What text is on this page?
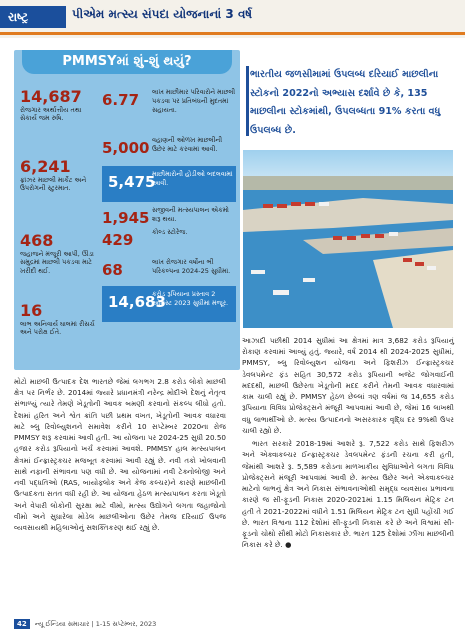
રાષ્ટ્ર	પીએમ મત્સ્ય સંપદા યોજનાનાં 3 વર્ષ
PMMSYમાં શું-શું થયું?
14,687
રોજગાર અર્થાત્તીય તથા સેકાર્ય જમ રુષિ.
6,241
ફ્રાંઝર માછલી માર્કેટ અને ઉપરોગની સ્ટુરમાત.
468
જહાજને મંજૂરી આપી, ઊંડા સમુદ્રમાં માછલી પકડવા માટે ખરીદી થઈ.
16
લાભ અનિવાર્ય ઘાલમાં રીસર્ચ અને પરોક્ષ ઈતે.
6.77 લાખ માછીમાર પરિવારોને માછલી પકડવા પર પ્રતિબંધની મુદતમાં સહાયતા.
5,000 વહાણની ઓળખ માછલીની ઉછેર માટે કરવામાં આવી.
5,475
માછીમારોની હોડીઓ બદલવામાં આવી.
1,945 સજીવની મત્સ્યપાલન એકમો શરૂ થયા.
429	કોલ્ડ સ્ટોરેજ.
68	લાખ રોજગાર વર્ષોના ભી પરિકલ્પના 2024-25 સુધીમાં.
14,683
કરોડ રૂપિયાના પ્રસ્તાવ 2 ઓગસ્ટ 2023 સુધીમાં મંજૂર.
ભારતીય જળસીમામાં ઉપલબ્ધ દરિયાઈ માછલીના સ્ટોકનો 2022નો અભ્યાસ દર્શાવે છે કે, 135 માછલીના સ્ટોકમાંથી, ઉપલબ્ધતા 91% કરતા વધુ ઉપલબ્ધ છે.

મોટો માછલી ઉત્પાદક દેશ ભારતછે જેમાં લગભગ 2.8 કરોડ લોકો માછલી ક્ષેત્ર પર નિર્ભર છે. 2014માં જ્યારે પ્રધાનમંત્રી નરેન્દ્ર મોદીએ દેશનું નેતૃત્વ સંભાળ્યું ત્યારે તેમણે ખેડૂતોની આવક બમણી કરવાનો સંકલ્પ લીધો હતો. દેશમાં હરિત અને શ્વેત ક્રાંતિ પછી પ્રથમ વખત, ખેડૂતોની આવક વધારવા માટે બ્લુ રિવોલ્યુશનને સમાવેશ કરીને 10 સપ્ટેમ્બર 2020ના રોજ PMMSY શરૂ કરવામાં આવી હતી. આ યોજના પર 2024-25 સુધી 20.50 હજાર કરોડ રૂપિયાનો ખર્ચ કરવામાં આવશે. PMMSY હાલ મત્સ્યપાલન ક્ષેત્રમાં ઈન્ફ્રાસ્ટ્રક્ચર મજબૂત કરવામાં આવી રહ્યું છે. નવી તકો ખોલવાની સાથે નફાની સંભાવના પણ વધી છે. આ યોજનામાં નવી ટેક્નોલોજી અને નવી પદ્ધતિઓ (RAS, બાયોફ્લોક અને કેજ કલ્ચર)ને કારણે માછલીની ઉત્પાદકતા સતત વધી રહી છે. આ યોજના હેઠળ મત્સ્યપાલન કરતા ખેડૂતો અને વેપારી લોકોની સુરક્ષા માટે વીમો, મત્સ્ય ઉદ્યોગને લગતા જહાજોનો વીમો અને સુધારેલા મોડેલ માછલીઓના ઉછેર તેમજ દરિયાઈ ઉપજ વ્યવસાયથી મહિલાઓનું સશક્તિકરણ થઈ રહ્યું છે.

આઝાદી પછીથી 2014 સુધીમાં આ ક્ષેત્રમાં માત્ર 3,682 કરોડ રૂપિયાનું રોકાણ કરવામાં આવ્યું હતું. જ્યારે, વર્ષ 2014 થી 2024-2025 સુધીમાં, PMMSY, બ્લુ રિવોલ્યુશન યોજના અને ફિશરીઝ ઈન્ફ્રાસ્ટ્રક્ચર ડેવલપમેન્ટ ફંડ સહિત 30,572 કરોડ રૂપિયાની બજેટ જોગવાઈની મદદથી, માછલી ઉછેરતા ખેડૂતોની મદદ કરીને તેમની આવક વધારવામાં કામ ચાલી રહ્યું છે. PMMSY હેઠળ છેલ્લાં ત્રણ વર્ષમાં જ 14,655 કરોડ રૂપિયાના વિવિધ પ્રોજેક્ટ્સને મંજૂરી આપવામાં આવી છે, જેમાં 16 લાખથી વધુ લાભાર્થીઓ છે. મત્સ્ય ઉત્પાદનનો અસરકારક વૃદ્ધિ દર 9%થી ઉપર ચાલી રહ્યો છે.

ભારત સરકારે 2018-19માં આશરે રૂ. 7,522 કરોડ સાથે ફિશરીઝ અને એક્વાકલ્ચર ઈન્ફ્રાસ્ટ્રક્ચર ડેવલપમેન્ટ ફંડની રચના કરી હતી, જેમાંથી આશરે રૂ. 5,589 કરોડના માળખાકીય સુવિધાઓને લગતા વિવિધ પ્રોજેક્ટ્સને મંજૂરી આપવામાં આવી છે. મત્સ્ય ઉછેર અને એક્વાકલ્ચર માટેનો લાભનું ક્ષેત્ર અને નિકાસ સંભાવનાઓથી સમૃદ્ધ વ્યવસાય પ્રભાવના કારણે જ સી-ફૂડની નિકાસ 2020-2021માં 1.15 મિલિયન મેટ્રિક ટન હતી તે 2021-2022માં વધીને 1.51 મિલિયન મેટ્રિક ટન સુધી પહોંચી ગઈ છે. ભારત વિશ્વના 112 દેશોમાં સી-ફૂડની નિકાસ કરે છે અને વિશ્વમાં સી-ફૂડનો ચોથો સૌથી મોટો નિકાસકાર છે. ભારત 125 દેશોમાં ઝીંગા માછલીની નિકાસ કરે છે. ●

42 ન્યૂ ઈન્ડિયા સમાચાર | 1-15 સપ્ટેમ્બર, 2023
